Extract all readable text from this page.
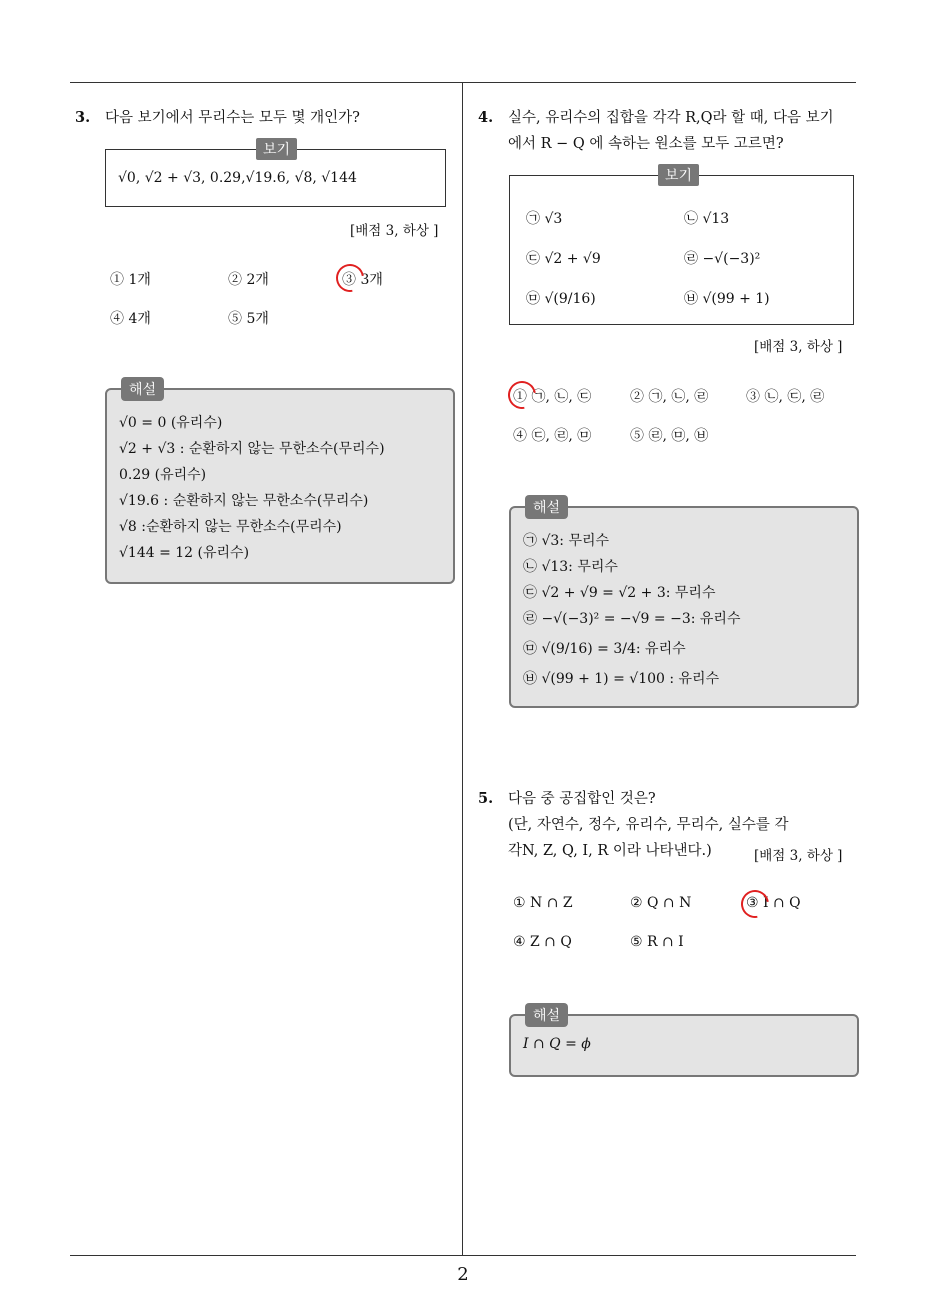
2
3. 다음 보기에서 무리수는 모두 몇 개인가?
보기
√0, √2 + √3, 0.29,√19.6, √8, √144
[배점 3, 하상 ]
① 1개	② 2개	③ 3개
④ 4개	⑤ 5개
해설
√0 = 0 (유리수)
√2 + √3 : 순환하지 않는 무한소수(무리수)
0.29 (유리수)
√19.6 : 순환하지 않는 무한소수(무리수)
√8 :순환하지 않는 무한소수(무리수)
√144 = 12 (유리수)
4. 실수, 유리수의 집합을 각각 R,Q라 할 때, 다음 보기
에서 R − Q 에 속하는 원소를 모두 고르면?
보기
㉠ √3	㉡ √13
㉢ √2 + √9	㉣ −√(−3)²
㉤ √(9/16)	㉥ √(99 + 1)
[배점 3, 하상 ]
① ㉠, ㉡, ㉢	② ㉠, ㉡, ㉣	③ ㉡, ㉢, ㉣
④ ㉢, ㉣, ㉤	⑤ ㉣, ㉤, ㉥
해설
㉠ √3: 무리수
㉡ √13: 무리수
㉢ √2 + √9 = √2 + 3: 무리수
㉣ −√(−3)² = −√9 = −3: 유리수
㉤ √(9/16) = 3/4: 유리수
㉥ √(99 + 1) = √100 : 유리수
5. 다음 중 공집합인 것은?
(단, 자연수, 정수, 유리수, 무리수, 실수를 각
각N, Z, Q, I, R 이라 나타낸다.)	[배점 3, 하상 ]
① N ∩ Z	② Q ∩ N	③ I ∩ Q
④ Z ∩ Q	⑤ R ∩ I
해설
I ∩ Q = ϕ
